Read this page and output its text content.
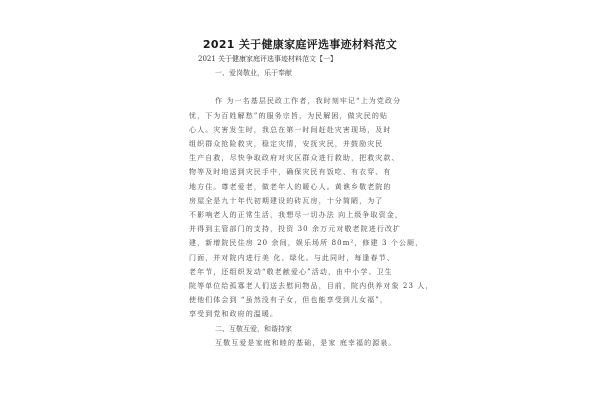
2021 关于健康家庭评选事迹材料范文
2021 关于健康家庭评选事迹材料范文【一】
一、爱岗敬业，乐于奉献
作 为一名基层民政工作者，我时刻牢记“上为党政分
忧，下为百姓解愁”的服务宗旨，为民解困，做灾民的贴
心人。灾害发生时，我总在第一时间赶赴灾害现场，及时
组织群众抢险救灾，稳定灾情，安抚灾民，并鼓励灾民
生产自救，尽快争取政府对灾区群众进行救助，把救灾款、
物等及时地送到灾民手中，确保灾民有饭吃、有衣穿、有
地方住。尊老爱老，做老年人的暖心人。黄谯乡敬老院的
房屋全是九十年代初期建设的砖瓦房，十分简陋，为了
不影响老人的正常生活，我想尽一切办法 向上级争取资金，
并得到主管部门的支持，投资 30 余万元对敬老院进行改扩
建，新增院民住房 20 余间，娱乐场所 80m²，修建 3 个公厕，
门面，并对院内进行美 化、绿化。与此同时，每逢春节、
老年节，还组织发动“敬老献爱心”活动，由中小学、卫生
院等单位给孤寡老人们送去慰问物品，目前，院内供养对象 23 人，
使他们体会到 “虽然没有子女，但也能享受到儿女福”，
享受到党和政府的温暖。
二、互敬互爱，和谐持家
互敬互爱是家庭和睦的基础，是家 庭幸福的源泉。
